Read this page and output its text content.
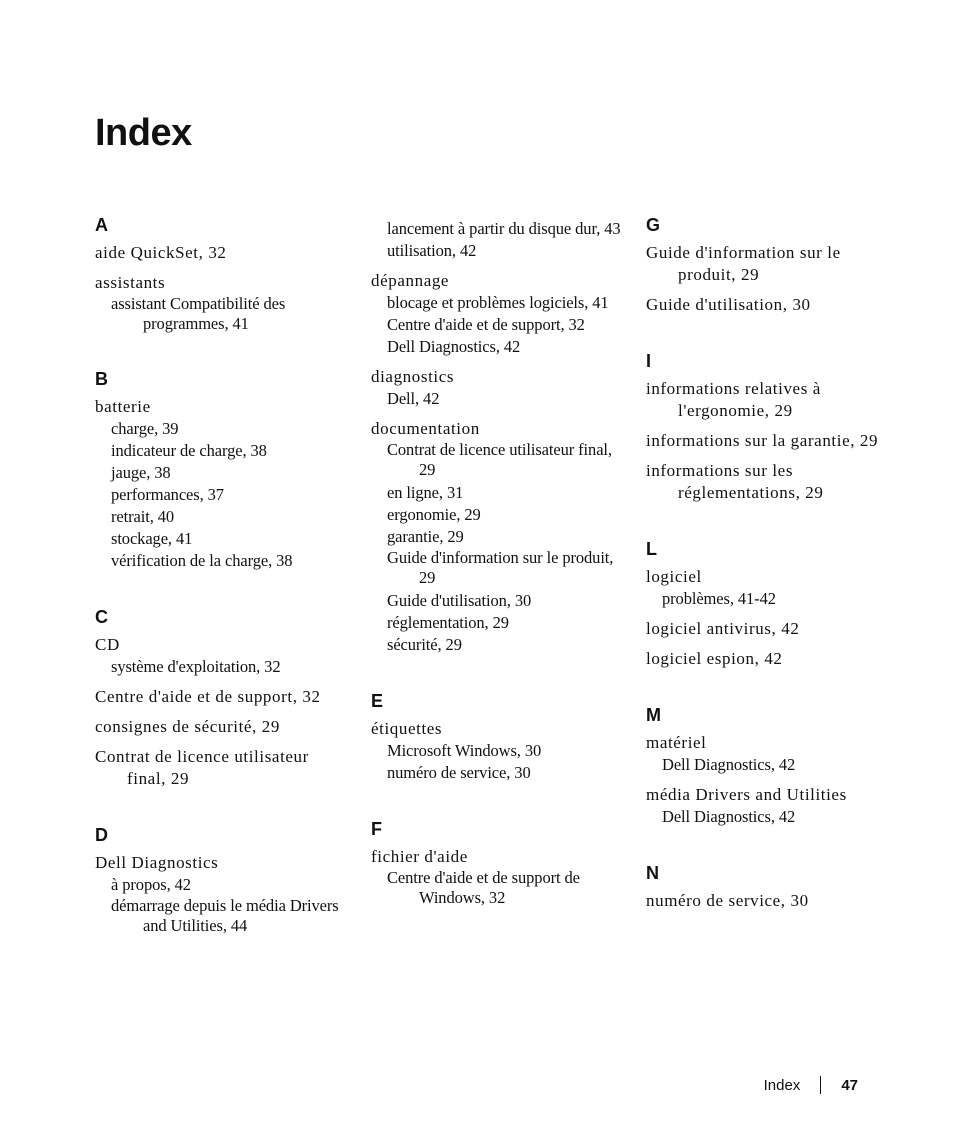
Index
A
aide QuickSet, 32
assistants
assistant Compatibilité des programmes, 41
B
batterie
charge, 39
indicateur de charge, 38
jauge, 38
performances, 37
retrait, 40
stockage, 41
vérification de la charge, 38
C
CD
système d'exploitation, 32
Centre d'aide et de support, 32
consignes de sécurité, 29
Contrat de licence utilisateur final, 29
D
Dell Diagnostics
à propos, 42
démarrage depuis le média Drivers and Utilities, 44
lancement à partir du disque dur, 43
utilisation, 42
dépannage
blocage et problèmes logiciels, 41
Centre d'aide et de support, 32
Dell Diagnostics, 42
diagnostics
Dell, 42
documentation
Contrat de licence utilisateur final, 29
en ligne, 31
ergonomie, 29
garantie, 29
Guide d'information sur le produit, 29
Guide d'utilisation, 30
réglementation, 29
sécurité, 29
E
étiquettes
Microsoft Windows, 30
numéro de service, 30
F
fichier d'aide
Centre d'aide et de support de Windows, 32
G
Guide d'information sur le produit, 29
Guide d'utilisation, 30
I
informations relatives à l'ergonomie, 29
informations sur la garantie, 29
informations sur les réglementations, 29
L
logiciel
problèmes, 41-42
logiciel antivirus, 42
logiciel espion, 42
M
matériel
Dell Diagnostics, 42
média Drivers and Utilities
Dell Diagnostics, 42
N
numéro de service, 30
Index	47
